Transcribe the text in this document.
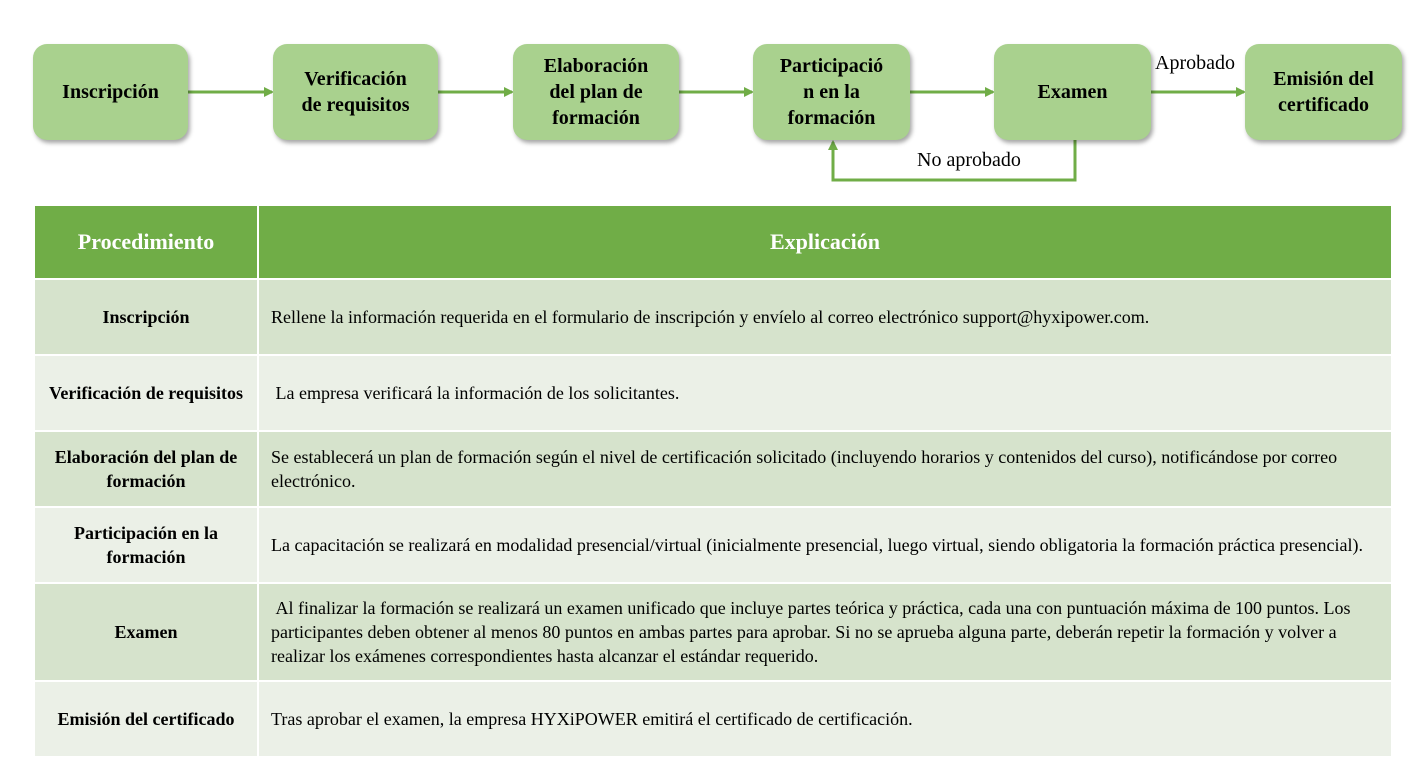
Inscripción
Verificación
de requisitos
Elaboración
del plan de
formación
Participació
n en la
formación
Examen
Emisión del
certificado
Aprobado
No aprobado
Procedimiento	Explicación
Inscripción	Rellene la información requerida en el formulario de inscripción y envíelo al correo electrónico support@hyxipower.com.
Verificación de requisitos	La empresa verificará la información de los solicitantes.
Elaboración del plan de formación	Se establecerá un plan de formación según el nivel de certificación solicitado (incluyendo horarios y contenidos del curso), notificándose por correo electrónico.
Participación en la formación	La capacitación se realizará en modalidad presencial/virtual (inicialmente presencial, luego virtual, siendo obligatoria la formación práctica presencial).
Examen	Al finalizar la formación se realizará un examen unificado que incluye partes teórica y práctica, cada una con puntuación máxima de 100 puntos. Los participantes deben obtener al menos 80 puntos en ambas partes para aprobar. Si no se aprueba alguna parte, deberán repetir la formación y volver a realizar los exámenes correspondientes hasta alcanzar el estándar requerido.
Emisión del certificado	Tras aprobar el examen, la empresa HYXiPOWER emitirá el certificado de certificación.
